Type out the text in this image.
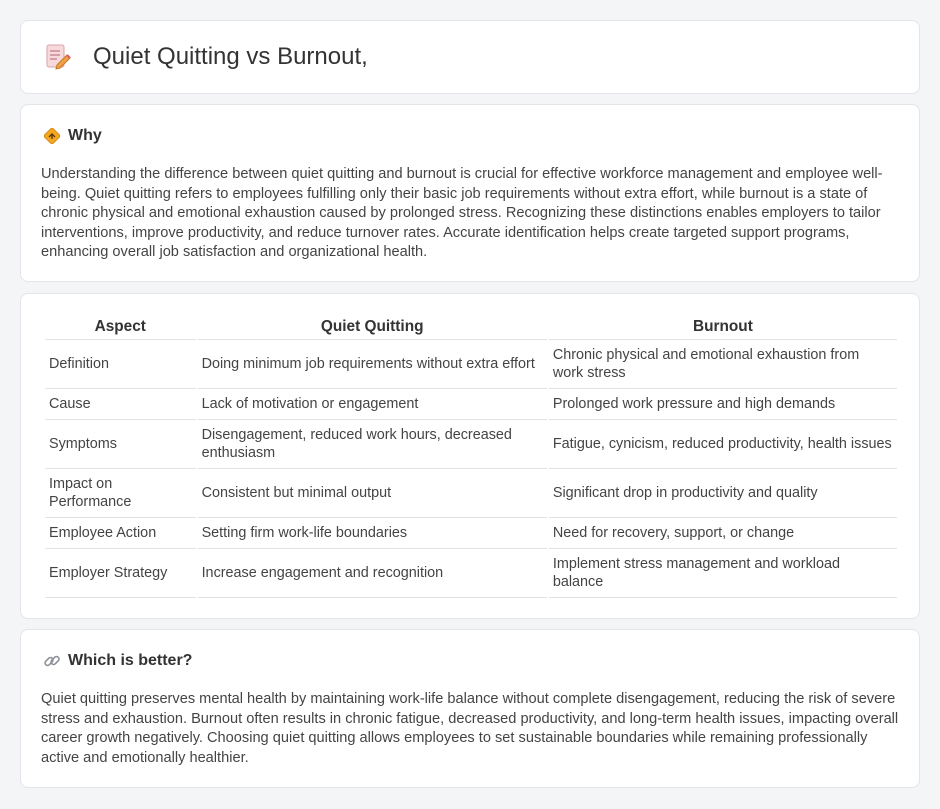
Quiet Quitting vs Burnout,
Why

Understanding the difference between quiet quitting and burnout is crucial for effective workforce management and employee well-being. Quiet quitting refers to employees fulfilling only their basic job requirements without extra effort, while burnout is a state of chronic physical and emotional exhaustion caused by prolonged stress. Recognizing these distinctions enables employers to tailor interventions, improve productivity, and reduce turnover rates. Accurate identification helps create targeted support programs, enhancing overall job satisfaction and organizational health.

Aspect	Quiet Quitting	Burnout
Definition	Doing minimum job requirements without extra effort	Chronic physical and emotional exhaustion from work stress
Cause	Lack of motivation or engagement	Prolonged work pressure and high demands
Symptoms	Disengagement, reduced work hours, decreased enthusiasm	Fatigue, cynicism, reduced productivity, health issues
Impact on Performance	Consistent but minimal output	Significant drop in productivity and quality
Employee Action	Setting firm work-life boundaries	Need for recovery, support, or change
Employer Strategy	Increase engagement and recognition	Implement stress management and workload balance
Which is better?

Quiet quitting preserves mental health by maintaining work-life balance without complete disengagement, reducing the risk of severe stress and exhaustion. Burnout often results in chronic fatigue, decreased productivity, and long-term health issues, impacting overall career growth negatively. Choosing quiet quitting allows employees to set sustainable boundaries while remaining professionally active and emotionally healthier.
